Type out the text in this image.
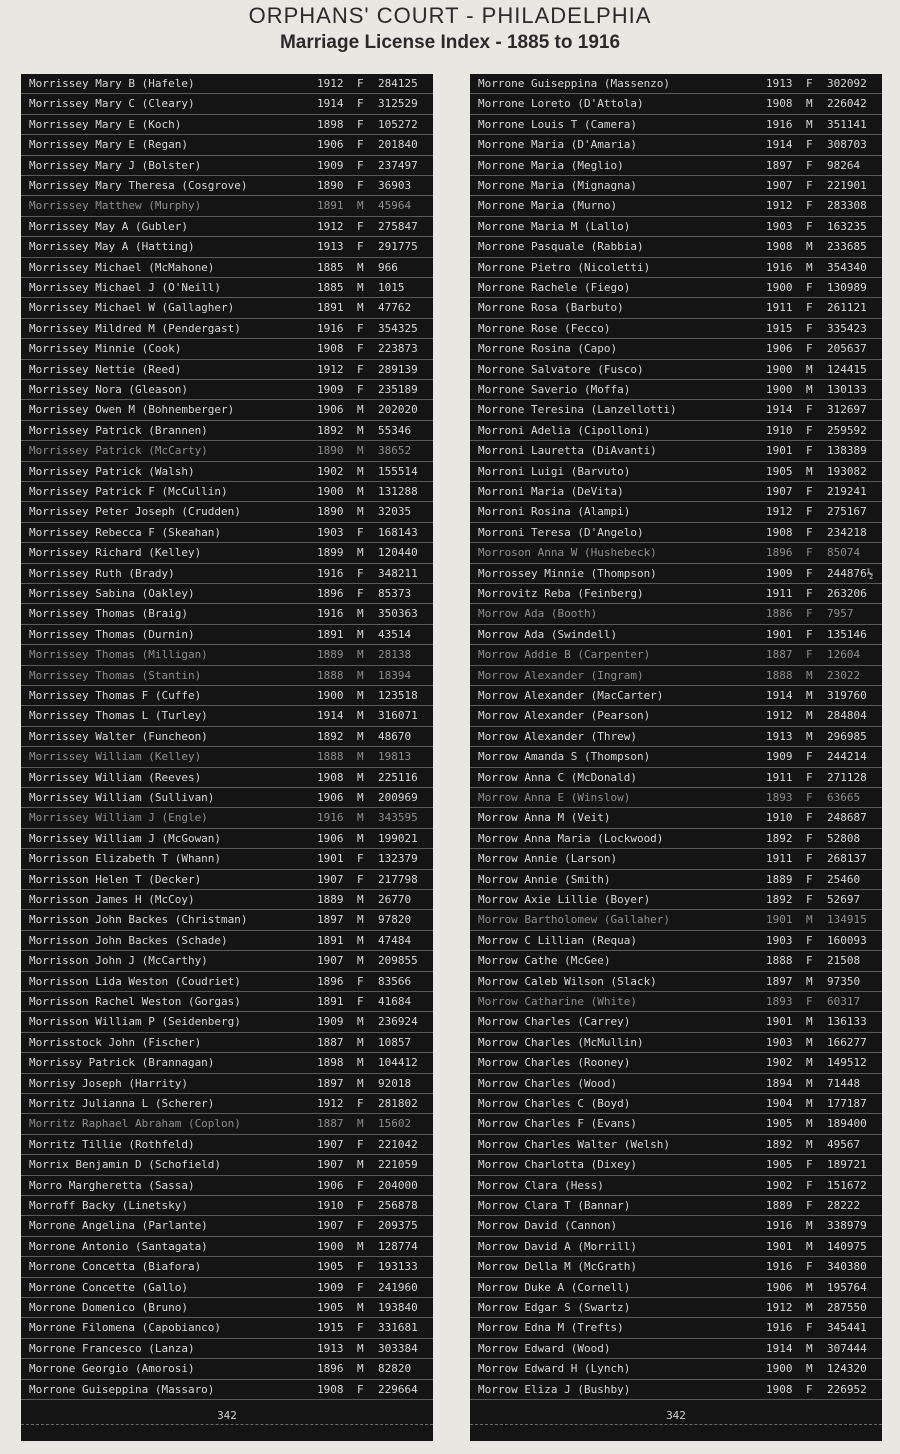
ORPHANS' COURT - PHILADELPHIA
Marriage License Index - 1885 to 1916
342
Morrissey Mary B (Hafele)	1912 F 284125
Morrissey Mary C (Cleary)	1914 F 312529
Morrissey Mary E (Koch)	1898 F 105272
Morrissey Mary E (Regan)	1906 F 201840
Morrissey Mary J (Bolster)	1909 F 237497
Morrissey Mary Theresa (Cosgrove)	1890 F 36903
Morrissey Matthew (Murphy)	1891 M 45964
Morrissey May A (Gubler)	1912 F 275847
Morrissey May A (Hatting)	1913 F 291775
Morrissey Michael (McMahone)	1885 M 966
Morrissey Michael J (O'Neill)	1885 M 1015
Morrissey Michael W (Gallagher)	1891 M 47762
Morrissey Mildred M (Pendergast)	1916 F 354325
Morrissey Minnie (Cook)	1908 F 223873
Morrissey Nettie (Reed)	1912 F 289139
Morrissey Nora (Gleason)	1909 F 235189
Morrissey Owen M (Bohnemberger)	1906 M 202020
Morrissey Patrick (Brannen)	1892 M 55346
Morrissey Patrick (McCarty)	1890 M 38652
Morrissey Patrick (Walsh)	1902 M 155514
Morrissey Patrick F (McCullin)	1900 M 131288
Morrissey Peter Joseph (Crudden)	1890 M 32035
Morrissey Rebecca F (Skeahan)	1903 F 168143
Morrissey Richard (Kelley)	1899 M 120440
Morrissey Ruth (Brady)	1916 F 348211
Morrissey Sabina (Oakley)	1896 F 85373
Morrissey Thomas (Braig)	1916 M 350363
Morrissey Thomas (Durnin)	1891 M 43514
Morrissey Thomas (Milligan)	1889 M 28138
Morrissey Thomas (Stantin)	1888 M 18394
Morrissey Thomas F (Cuffe)	1900 M 123518
Morrissey Thomas L (Turley)	1914 M 316071
Morrissey Walter (Funcheon)	1892 M 48670
Morrissey William (Kelley)	1888 M 19813
Morrissey William (Reeves)	1908 M 225116
Morrissey William (Sullivan)	1906 M 200969
Morrissey William J (Engle)	1916 M 343595
Morrissey William J (McGowan)	1906 M 199021
Morrisson Elizabeth T (Whann)	1901 F 132379
Morrisson Helen T (Decker)	1907 F 217798
Morrisson James H (McCoy)	1889 M 26770
Morrisson John Backes (Christman)	1897 M 97820
Morrisson John Backes (Schade)	1891 M 47484
Morrisson John J (McCarthy)	1907 M 209855
Morrisson Lida Weston (Coudriet)	1896 F 83566
Morrisson Rachel Weston (Gorgas)	1891 F 41684
Morrisson William P (Seidenberg)	1909 M 236924
Morrisstock John (Fischer)	1887 M 10857
Morrissy Patrick (Brannagan)	1898 M 104412
Morrisy Joseph (Harrity)	1897 M 92018
Morritz Julianna L (Scherer)	1912 F 281802
Morritz Raphael Abraham (Coplon)	1887 M 15602
Morritz Tillie (Rothfeld)	1907 F 221042
Morrix Benjamin D (Schofield)	1907 M 221059
Morro Margheretta (Sassa)	1906 F 204000
Morroff Backy (Linetsky)	1910 F 256878
Morrone Angelina (Parlante)	1907 F 209375
Morrone Antonio (Santagata)	1900 M 128774
Morrone Concetta (Biafora)	1905 F 193133
Morrone Concette (Gallo)	1909 F 241960
Morrone Domenico (Bruno)	1905 M 193840
Morrone Filomena (Capobianco)	1915 F 331681
Morrone Francesco (Lanza)	1913 M 303384
Morrone Georgio (Amorosi)	1896 M 82820
Morrone Guiseppina (Massaro)	1908 F 229664
342
Morrone Guiseppina (Massenzo)	1913 F 302092
Morrone Loreto (D'Attola)	1908 M 226042
Morrone Louis T (Camera)	1916 M 351141
Morrone Maria (D'Amaria)	1914 F 308703
Morrone Maria (Meglio)	1897 F 98264
Morrone Maria (Mignagna)	1907 F 221901
Morrone Maria (Murno)	1912 F 283308
Morrone Maria M (Lallo)	1903 F 163235
Morrone Pasquale (Rabbia)	1908 M 233685
Morrone Pietro (Nicoletti)	1916 M 354340
Morrone Rachele (Fiego)	1900 F 130989
Morrone Rosa (Barbuto)	1911 F 261121
Morrone Rose (Fecco)	1915 F 335423
Morrone Rosina (Capo)	1906 F 205637
Morrone Salvatore (Fusco)	1900 M 124415
Morrone Saverio (Moffa)	1900 M 130133
Morrone Teresina (Lanzellotti)	1914 F 312697
Morroni Adelia (Cipolloni)	1910 F 259592
Morroni Lauretta (DiAvanti)	1901 F 138389
Morroni Luigi (Barvuto)	1905 M 193082
Morroni Maria (DeVita)	1907 F 219241
Morroni Rosina (Alampi)	1912 F 275167
Morroni Teresa (D'Angelo)	1908 F 234218
Morroson Anna W (Hushebeck)	1896 F 85074
Morrossey Minnie (Thompson)	1909 F 244876½
Morrovitz Reba (Feinberg)	1911 F 263206
Morrow Ada (Booth)	1886 F 7957
Morrow Ada (Swindell)	1901 F 135146
Morrow Addie B (Carpenter)	1887 F 12604
Morrow Alexander (Ingram)	1888 M 23022
Morrow Alexander (MacCarter)	1914 M 319760
Morrow Alexander (Pearson)	1912 M 284804
Morrow Alexander (Threw)	1913 M 296985
Morrow Amanda S (Thompson)	1909 F 244214
Morrow Anna C (McDonald)	1911 F 271128
Morrow Anna E (Winslow)	1893 F 63665
Morrow Anna M (Veit)	1910 F 248687
Morrow Anna Maria (Lockwood)	1892 F 52808
Morrow Annie (Larson)	1911 F 268137
Morrow Annie (Smith)	1889 F 25460
Morrow Axie Lillie (Boyer)	1892 F 52697
Morrow Bartholomew (Gallaher)	1901 M 134915
Morrow C Lillian (Requa)	1903 F 160093
Morrow Cathe (McGee)	1888 F 21508
Morrow Caleb Wilson (Slack)	1897 M 97350
Morrow Catharine (White)	1893 F 60317
Morrow Charles (Carrey)	1901 M 136133
Morrow Charles (McMullin)	1903 M 166277
Morrow Charles (Rooney)	1902 M 149512
Morrow Charles (Wood)	1894 M 71448
Morrow Charles C (Boyd)	1904 M 177187
Morrow Charles F (Evans)	1905 M 189400
Morrow Charles Walter (Welsh)	1892 M 49567
Morrow Charlotta (Dixey)	1905 F 189721
Morrow Clara (Hess)	1902 F 151672
Morrow Clara T (Bannar)	1889 F 28222
Morrow David (Cannon)	1916 M 338979
Morrow David A (Morrill)	1901 M 140975
Morrow Della M (McGrath)	1916 F 340380
Morrow Duke A (Cornell)	1906 M 195764
Morrow Edgar S (Swartz)	1912 M 287550
Morrow Edna M (Trefts)	1916 F 345441
Morrow Edward (Wood)	1914 M 307444
Morrow Edward H (Lynch)	1900 M 124320
Morrow Eliza J (Bushby)	1908 F 226952
